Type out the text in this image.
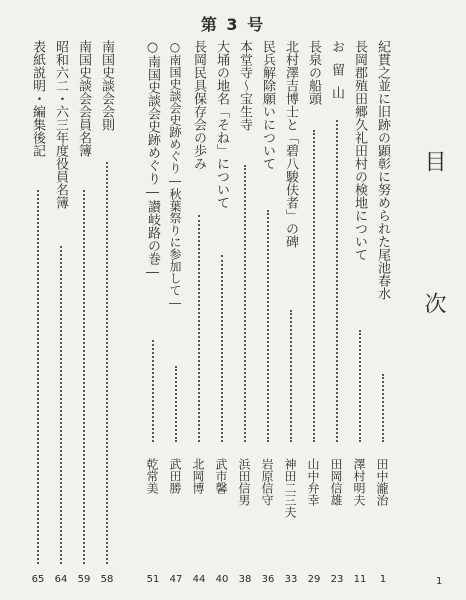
第 3 号
目
次
紀貫之並に旧跡の顕彰に努められた尾池春水
田中瀧治
1
長岡郡殖田郷久礼田村の検地について
澤村明夫
11
お留山
田岡信雄
23
長泉の船頭
山中弁幸
29
北村澤吉博士と「碧八駿伕者」の碑
神田二三夫
33
民兵解除願いについて
岩原信守
36
本堂寺〜宝生寺
浜田信男
38
大埇の地名「そね」について
武市馨
40
長岡民具保存会の歩み
北岡博
44
○南国史談会史跡めぐり―秋葉祭りに参加して―
武田勝
47
○南国史談会史跡めぐり―讃岐路の巻―
乾常美
51
南国史談会会則
58
南国史談会会員名簿
59
昭和六二・六三年度役員名簿
64
表紙説明・編集後記
65	1
